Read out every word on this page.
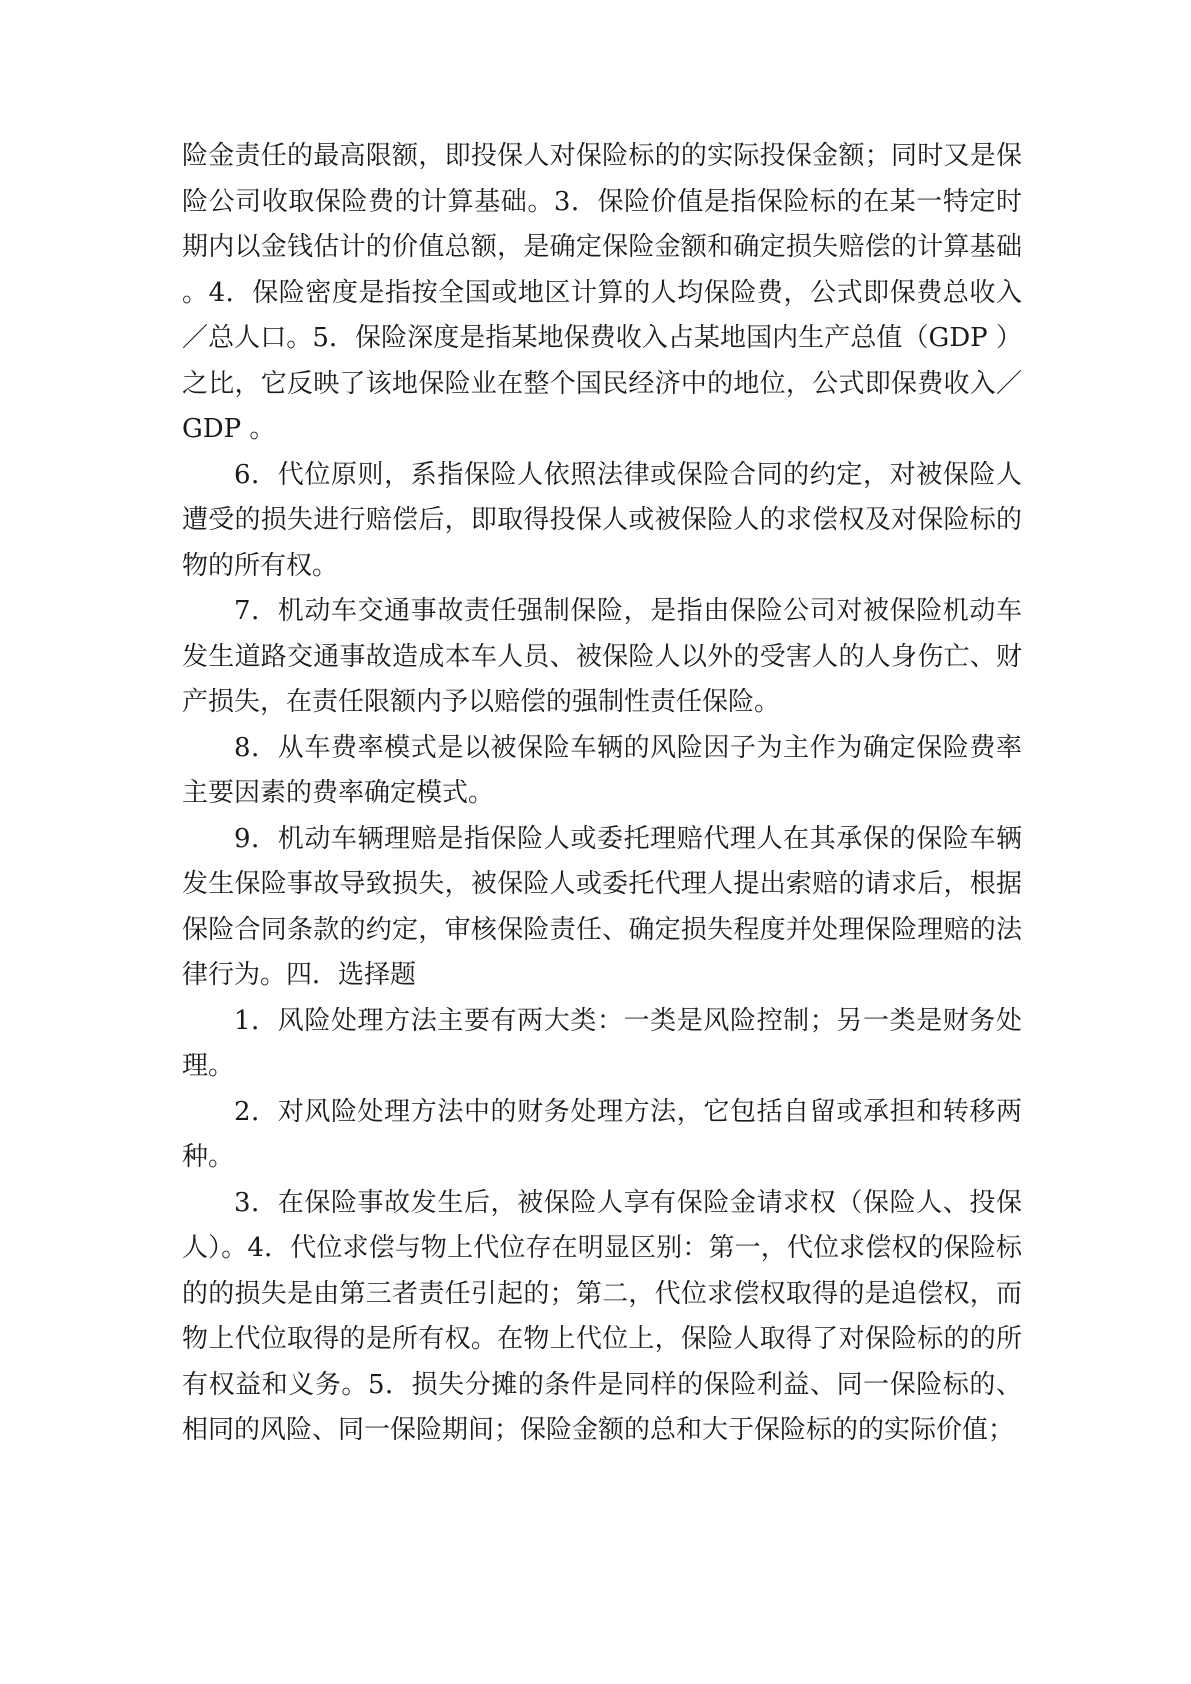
险金责任的最高限额，即投保人对保险标的的实际投保金额；同时又是保险公司收取保险费的计算基础。3．保险价值是指保险标的在某一特定时期内以金钱估计的价值总额，是确定保险金额和确定损失赔偿的计算基础。4．保险密度是指按全国或地区计算的人均保险费，公式即保费总收入／总人口。5．保险深度是指某地保费收入占某地国内生产总值（GDP ）之比，它反映了该地保险业在整个国民经济中的地位，公式即保费收入／GDP 。

6．代位原则，系指保险人依照法律或保险合同的约定，对被保险人遭受的损失进行赔偿后，即取得投保人或被保险人的求偿权及对保险标的物的所有权。

7．机动车交通事故责任强制保险，是指由保险公司对被保险机动车发生道路交通事故造成本车人员、被保险人以外的受害人的人身伤亡、财产损失，在责任限额内予以赔偿的强制性责任保险。

8．从车费率模式是以被保险车辆的风险因子为主作为确定保险费率主要因素的费率确定模式。

9．机动车辆理赔是指保险人或委托理赔代理人在其承保的保险车辆发生保险事故导致损失，被保险人或委托代理人提出索赔的请求后，根据保险合同条款的约定，审核保险责任、确定损失程度并处理保险理赔的法律行为。四．选择题

1．风险处理方法主要有两大类：一类是风险控制；另一类是财务处理。

2．对风险处理方法中的财务处理方法，它包括自留或承担和转移两种。

3．在保险事故发生后，被保险人享有保险金请求权（保险人、投保人）。4．代位求偿与物上代位存在明显区别：第一，代位求偿权的保险标的的损失是由第三者责任引起的；第二，代位求偿权取得的是追偿权，而物上代位取得的是所有权。在物上代位上，保险人取得了对保险标的的所有权益和义务。5．损失分摊的条件是同样的保险利益、同一保险标的、相同的风险、同一保险期间；保险金额的总和大于保险标的的实际价值；
